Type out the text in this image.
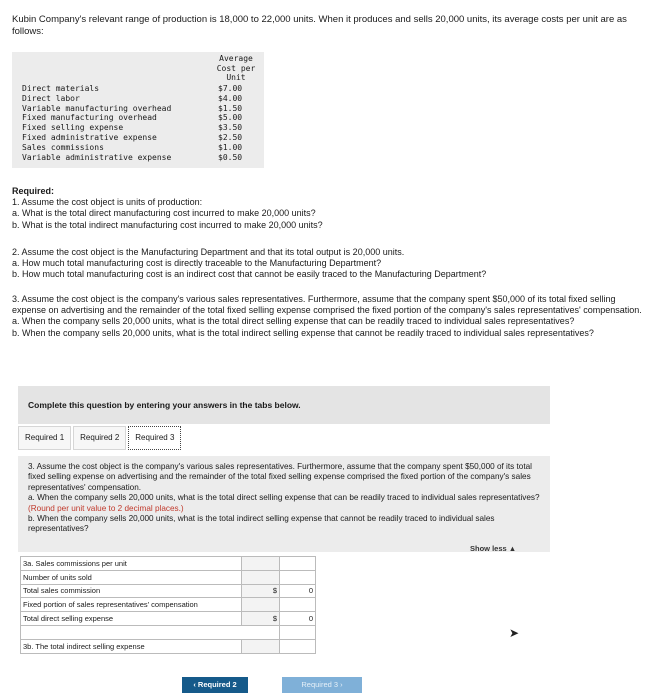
Kubin Company's relevant range of production is 18,000 to 22,000 units. When it produces and sells 20,000 units, its average costs per unit are as follows:
Average
Cost per
Unit
Direct materials	$7.00
Direct labor	$4.00
Variable manufacturing overhead	$1.50
Fixed manufacturing overhead	$5.00
Fixed selling expense	$3.50
Fixed administrative expense	$2.50
Sales commissions	$1.00
Variable administrative expense	$0.50

Required:

1. Assume the cost object is units of production:

a. What is the total direct manufacturing cost incurred to make 20,000 units?

b. What is the total indirect manufacturing cost incurred to make 20,000 units?

2. Assume the cost object is the Manufacturing Department and that its total output is 20,000 units.

a. How much total manufacturing cost is directly traceable to the Manufacturing Department?

b. How much total manufacturing cost is an indirect cost that cannot be easily traced to the Manufacturing Department?

3. Assume the cost object is the company's various sales representatives. Furthermore, assume that the company spent $50,000 of its total fixed selling expense on advertising and the remainder of the total fixed selling expense comprised the fixed portion of the company's sales representatives' compensation.

a. When the company sells 20,000 units, what is the total direct selling expense that can be readily traced to individual sales representatives?

b. When the company sells 20,000 units, what is the total indirect selling expense that cannot be readily traced to individual sales representatives?

Complete this question by entering your answers in the tabs below.
Required 1	Required 2	Required 3
3. Assume the cost object is the company's various sales representatives. Furthermore, assume that the company spent $50,000 of its total fixed selling expense on advertising and the remainder of the total fixed selling expense comprised the fixed portion of the company's sales representatives' compensation.
a. When the company sells 20,000 units, what is the total direct selling expense that can be readily traced to individual sales representatives? (Round per unit value to 2 decimal places.)
b. When the company sells 20,000 units, what is the total indirect selling expense that cannot be readily traced to individual sales representatives?
Show less ▲
3a. Sales commissions per unit		
Number of units sold		
Total sales commission	$	0
Fixed portion of sales representatives' compensation		
Total direct selling expense	$	0

3b. The total indirect selling expense		
➤
‹ Required 2	Required 3 ›
